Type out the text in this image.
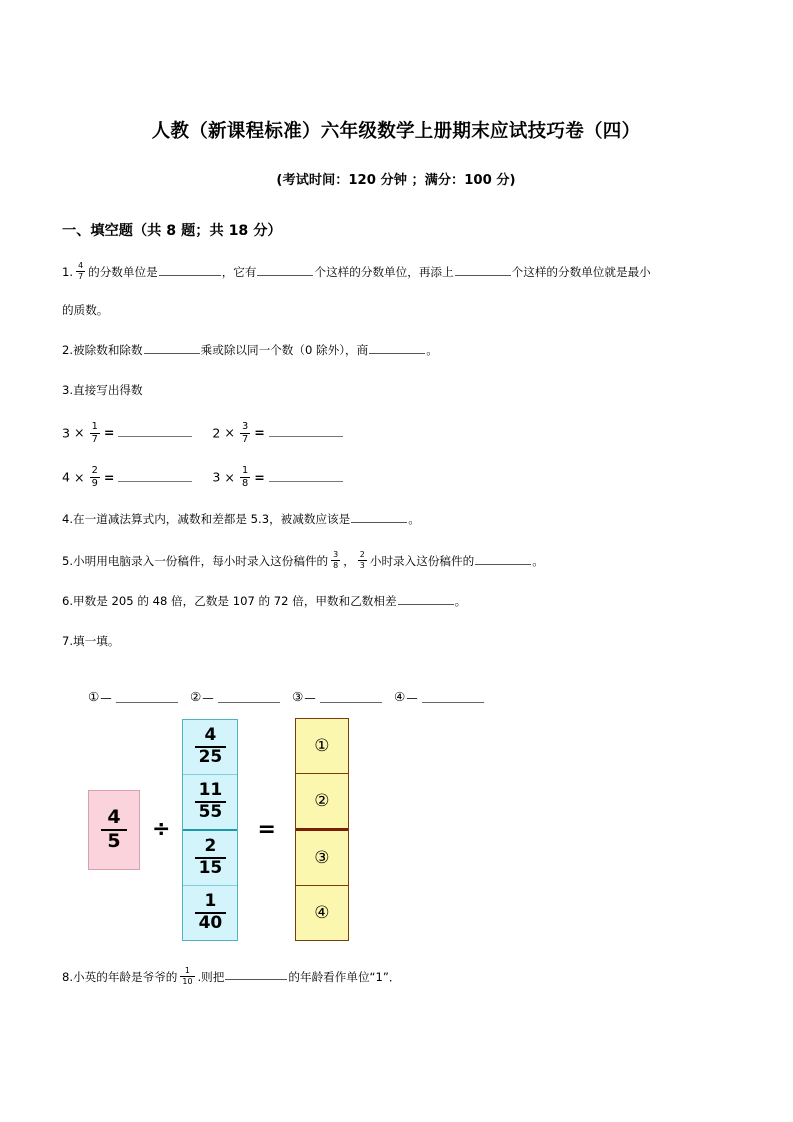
人教（新课程标准）六年级数学上册期末应试技巧卷（四）
(考试时间：120 分钟 ；满分：100 分)
一、填空题（共 8 题；共 18 分）
1. $\frac{4}{7}$ 的分数单位是	，它有	个这样的分数单位，再添上	个这样的分数单位就是最小
的质数。
2.被除数和除数	乘或除以同一个数（0 除外），商	。
3.直接写出得数
$3 \times \frac{1}{7}$ =	$2 \times \frac{3}{7}$ =
$4 \times \frac{2}{9}$ =	$3 \times \frac{1}{8}$ =
4.在一道减法算式内，减数和差都是 5.3，被减数应该是	。
5.小明用电脑录入一份稿件，每小时录入这份稿件的 $\frac{3}{8}$ ， $\frac{2}{3}$ 小时录入这份稿件的	。
6.甲数是 205 的 48 倍，乙数是 107 的 72 倍，甲数和乙数相差	。
7.填一填。
① —	② —	③ —	④ —
$\frac{4}{5}$ ÷
$\frac{4}{25}$
$\frac{11}{55}$
$\frac{2}{15}$
$\frac{1}{40}$
=
①
②
③
④
8.小英的年龄是爷爷的 $\frac{1}{10}$ .则把	的年龄看作单位“1”．
